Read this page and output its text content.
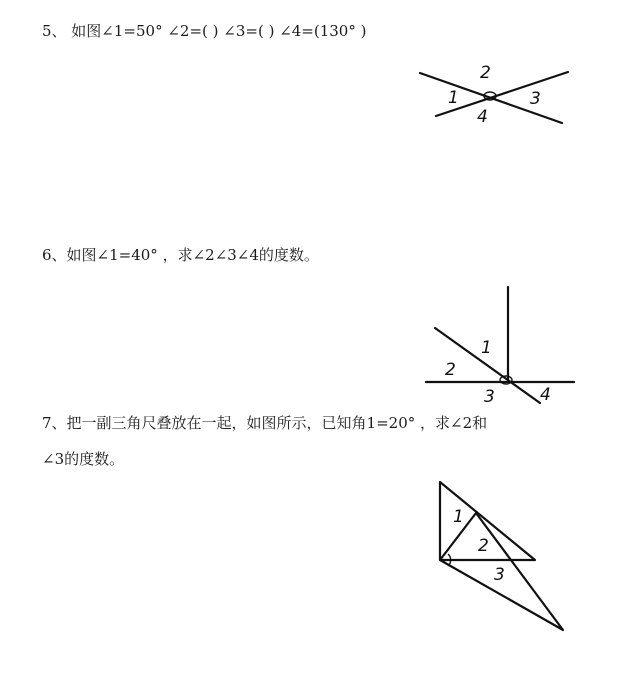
5、 如图∠1=50° ∠2=( ) ∠3=( ) ∠4=(130° )
6、如图∠1=40° ，求∠2∠3∠4的度数。
7、把一副三角尺叠放在一起，如图所示，已知角1=20° ，求∠2和
∠3的度数。
1
2
3
4
1
2
3	4
1
2
3
